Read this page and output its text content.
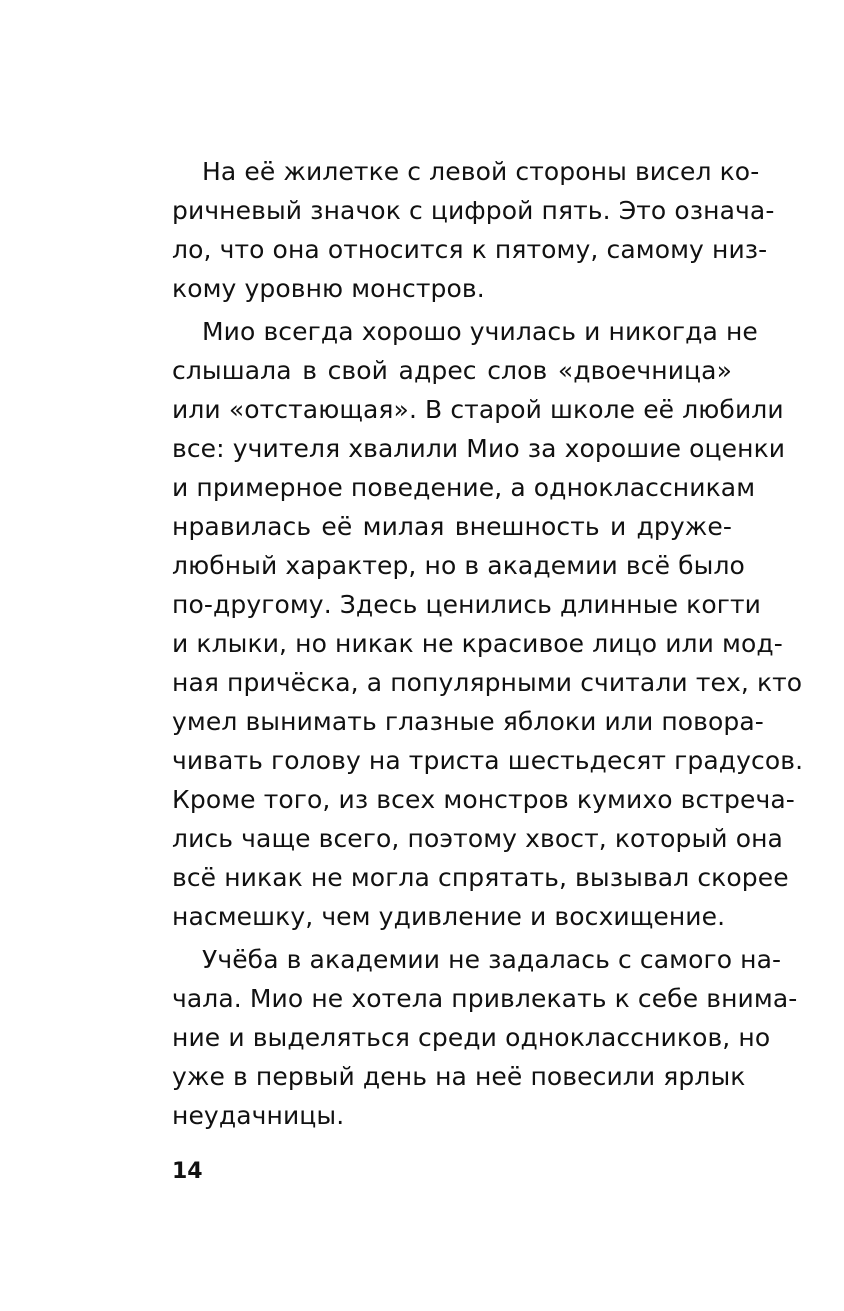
На её жилетке с левой стороны висел ко-
ричневый значок с цифрой пять. Это означа-
ло, что она относится к пятому, самому низ-
кому уровню монстров.
Мио всегда хорошо училась и никогда не
слышала в свой адрес слов «двоечница»
или «отстающая». В старой школе её любили
все: учителя хвалили Мио за хорошие оценки
и примерное поведение, а одноклассникам
нравилась её милая внешность и друже-
любный характер, но в академии всё было
по-другому. Здесь ценились длинные когти
и клыки, но никак не красивое лицо или мод-
ная причёска, а популярными считали тех, кто
умел вынимать глазные яблоки или повора-
чивать голову на триста шестьдесят градусов.
Кроме того, из всех монстров кумихо встреча-
лись чаще всего, поэтому хвост, который она
всё никак не могла спрятать, вызывал скорее
насмешку, чем удивление и восхищение.
Учёба в академии не задалась с самого на-
чала. Мио не хотела привлекать к себе внима-
ние и выделяться среди одноклассников, но
уже в первый день на неё повесили ярлык
неудачницы.
14
